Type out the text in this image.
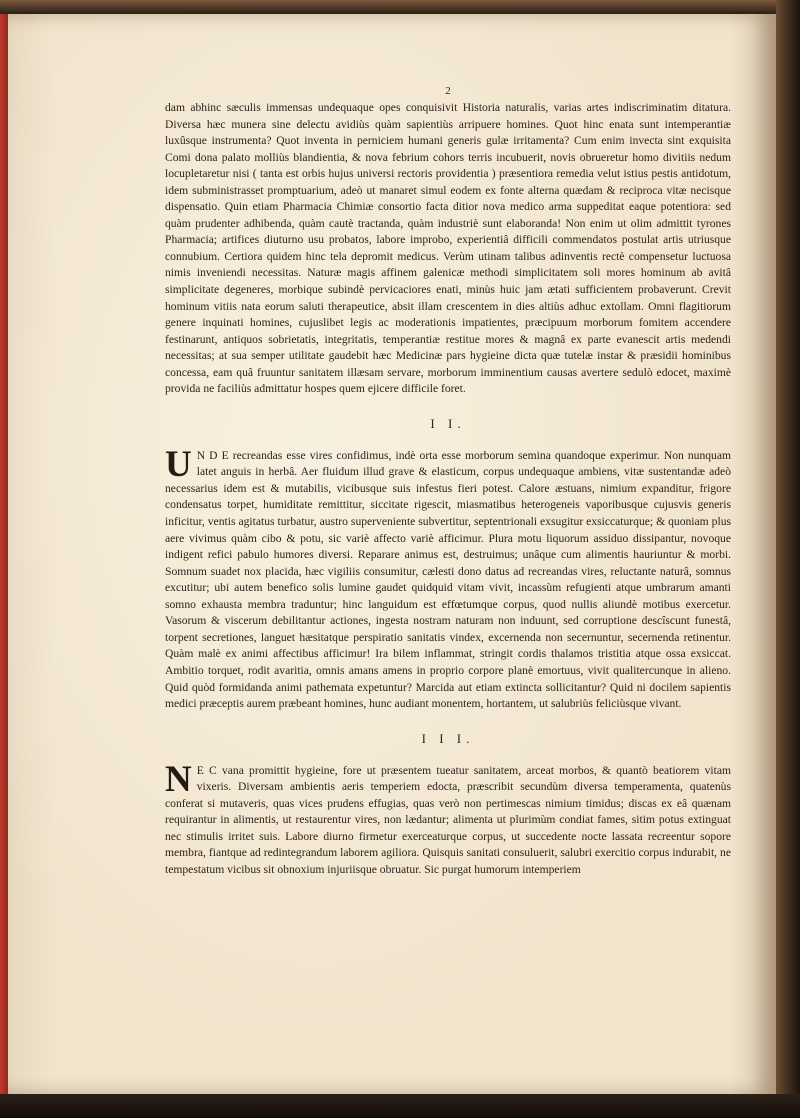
2

dam abhinc sæculis immensas undequaque opes conquisivit Historia naturalis, varias artes indiscriminatim ditatura. Diversa hæc munera sine delectu avidiùs quàm sapientiùs arripuere homines. Quot hinc enata sunt intemperantiæ luxûsque instrumenta? Quot inventa in perniciem humani generis gulæ irritamenta? Cum enim invecta sint exquisita Comi dona palato molliùs blandientia, & nova febrium cohors terris incubuerit, novis obrueretur homo divitiis nedum locupletaretur nisi ( tanta est orbis hujus universi rectoris providentia ) præsentiora remedia velut istius pestis antidotum, idem subministrasset promptuarium, adeò ut manaret simul eodem ex fonte alterna quædam & reciproca vitæ necisque dispensatio. Quin etiam Pharmacia Chimiæ consortio facta ditior nova medico arma suppeditat eaque potentiora: sed quàm prudenter adhibenda, quàm cautè tractanda, quàm industriè sunt elaboranda! Non enim ut olim admittit tyrones Pharmacia; artifices diuturno usu probatos, labore improbo, experientiâ difficili commendatos postulat artis utriusque connubium. Certiora quidem hinc tela depromit medicus. Verùm utinam talibus adinventis rectè compensetur luctuosa nimis inveniendi necessitas. Naturæ magis affinem galenicæ methodi simplicitatem soli mores hominum ab avitâ simplicitate degeneres, morbique subindè pervicaciores enati, minùs huic jam ætati sufficientem probaverunt. Crevit hominum vitiis nata eorum saluti therapeutice, absit illam crescentem in dies altiùs adhuc extollam. Omni flagitiorum genere inquinati homines, cujuslibet legis ac moderationis impatientes, præcipuum morborum fomitem accendere festinarunt, antiquos sobrietatis, integritatis, temperantiæ restitue mores & magnâ ex parte evanescit artis medendi necessitas; at sua semper utilitate gaudebit hæc Medicinæ pars hygieine dicta quæ tutelæ instar & præsidii hominibus concessa, eam quâ fruuntur sanitatem illæsam servare, morborum imminentium causas avertere sedulò edocet, maximè provida ne faciliùs admittatur hospes quem ejicere difficile foret.

I I.

U N D E recreandas esse vires confidimus, indè orta esse morborum semina quandoque experimur. Non nunquam latet anguis in herbâ. Aer fluidum illud grave & elasticum, corpus undequaque ambiens, vitæ sustentandæ adeò necessarius idem est & mutabilis, vicibusque suis infestus fieri potest. Calore æstuans, nimium expanditur, frigore condensatus torpet, humiditate remittitur, siccitate rigescit, miasmatibus heterogeneis vaporibusque cujusvis generis inficitur, ventis agitatus turbatur, austro superveniente subvertitur, septentrionali exsugitur exsiccaturque; & quoniam plus aere vivimus quàm cibo & potu, sic variè affecto variè afficimur. Plura motu liquorum assiduo dissipantur, novoque indigent refici pabulo humores diversi. Reparare animus est, destruimus; unâque cum alimentis hauriuntur & morbi. Somnum suadet nox placida, hæc vigiliis consumitur, cælesti dono datus ad recreandas vires, reluctante naturâ, somnus excutitur; ubi autem benefico solis lumine gaudet quidquid vitam vivit, incassùm refugienti atque umbrarum amanti somno exhausta membra traduntur; hinc languidum est effœtumque corpus, quod nullis aliundè motibus exercetur. Vasorum & viscerum debilitantur actiones, ingesta nostram naturam non induunt, sed corruptione descîscunt funestâ, torpent secretiones, languet hæsitatque perspiratio sanitatis vindex, excernenda non secernuntur, secernenda retinentur. Quàm malè ex animi affectibus afficimur! Ira bilem inflammat, stringit cordis thalamos tristitia atque ossa exsiccat. Ambitio torquet, rodit avaritia, omnis amans amens in proprio corpore planè emortuus, vivit qualitercunque in alieno. Quid quòd formidanda animi pathemata expetuntur? Marcida aut etiam extincta sollicitantur? Quid ni docilem sapientis medici præceptis aurem præbeant homines, hunc audiant monentem, hortantem, ut salubriùs feliciùsque vivant.

I I I.

N E C vana promittit hygieine, fore ut præsentem tueatur sanitatem, arceat morbos, & quantò beatiorem vitam vixeris. Diversam ambientis aeris temperiem edocta, præscribit secundùm diversa temperamenta, quatenùs conferat si mutaveris, quas vices prudens effugias, quas verò non pertimescas nimium timidus; discas ex eâ quænam requirantur in alimentis, ut restaurentur vires, non lædantur; alimenta ut plurimùm condiat fames, sitim potus extinguat nec stimulis irritet suis. Labore diurno firmetur exerceaturque corpus, ut succedente nocte lassata recreentur sopore membra, fiantque ad redintegrandum laborem agiliora. Quisquis sanitati consuluerit, salubri exercitio corpus indurabit, ne tempestatum vicibus sit obnoxium injuriisque obruatur. Sic purgat humorum intemperiem
